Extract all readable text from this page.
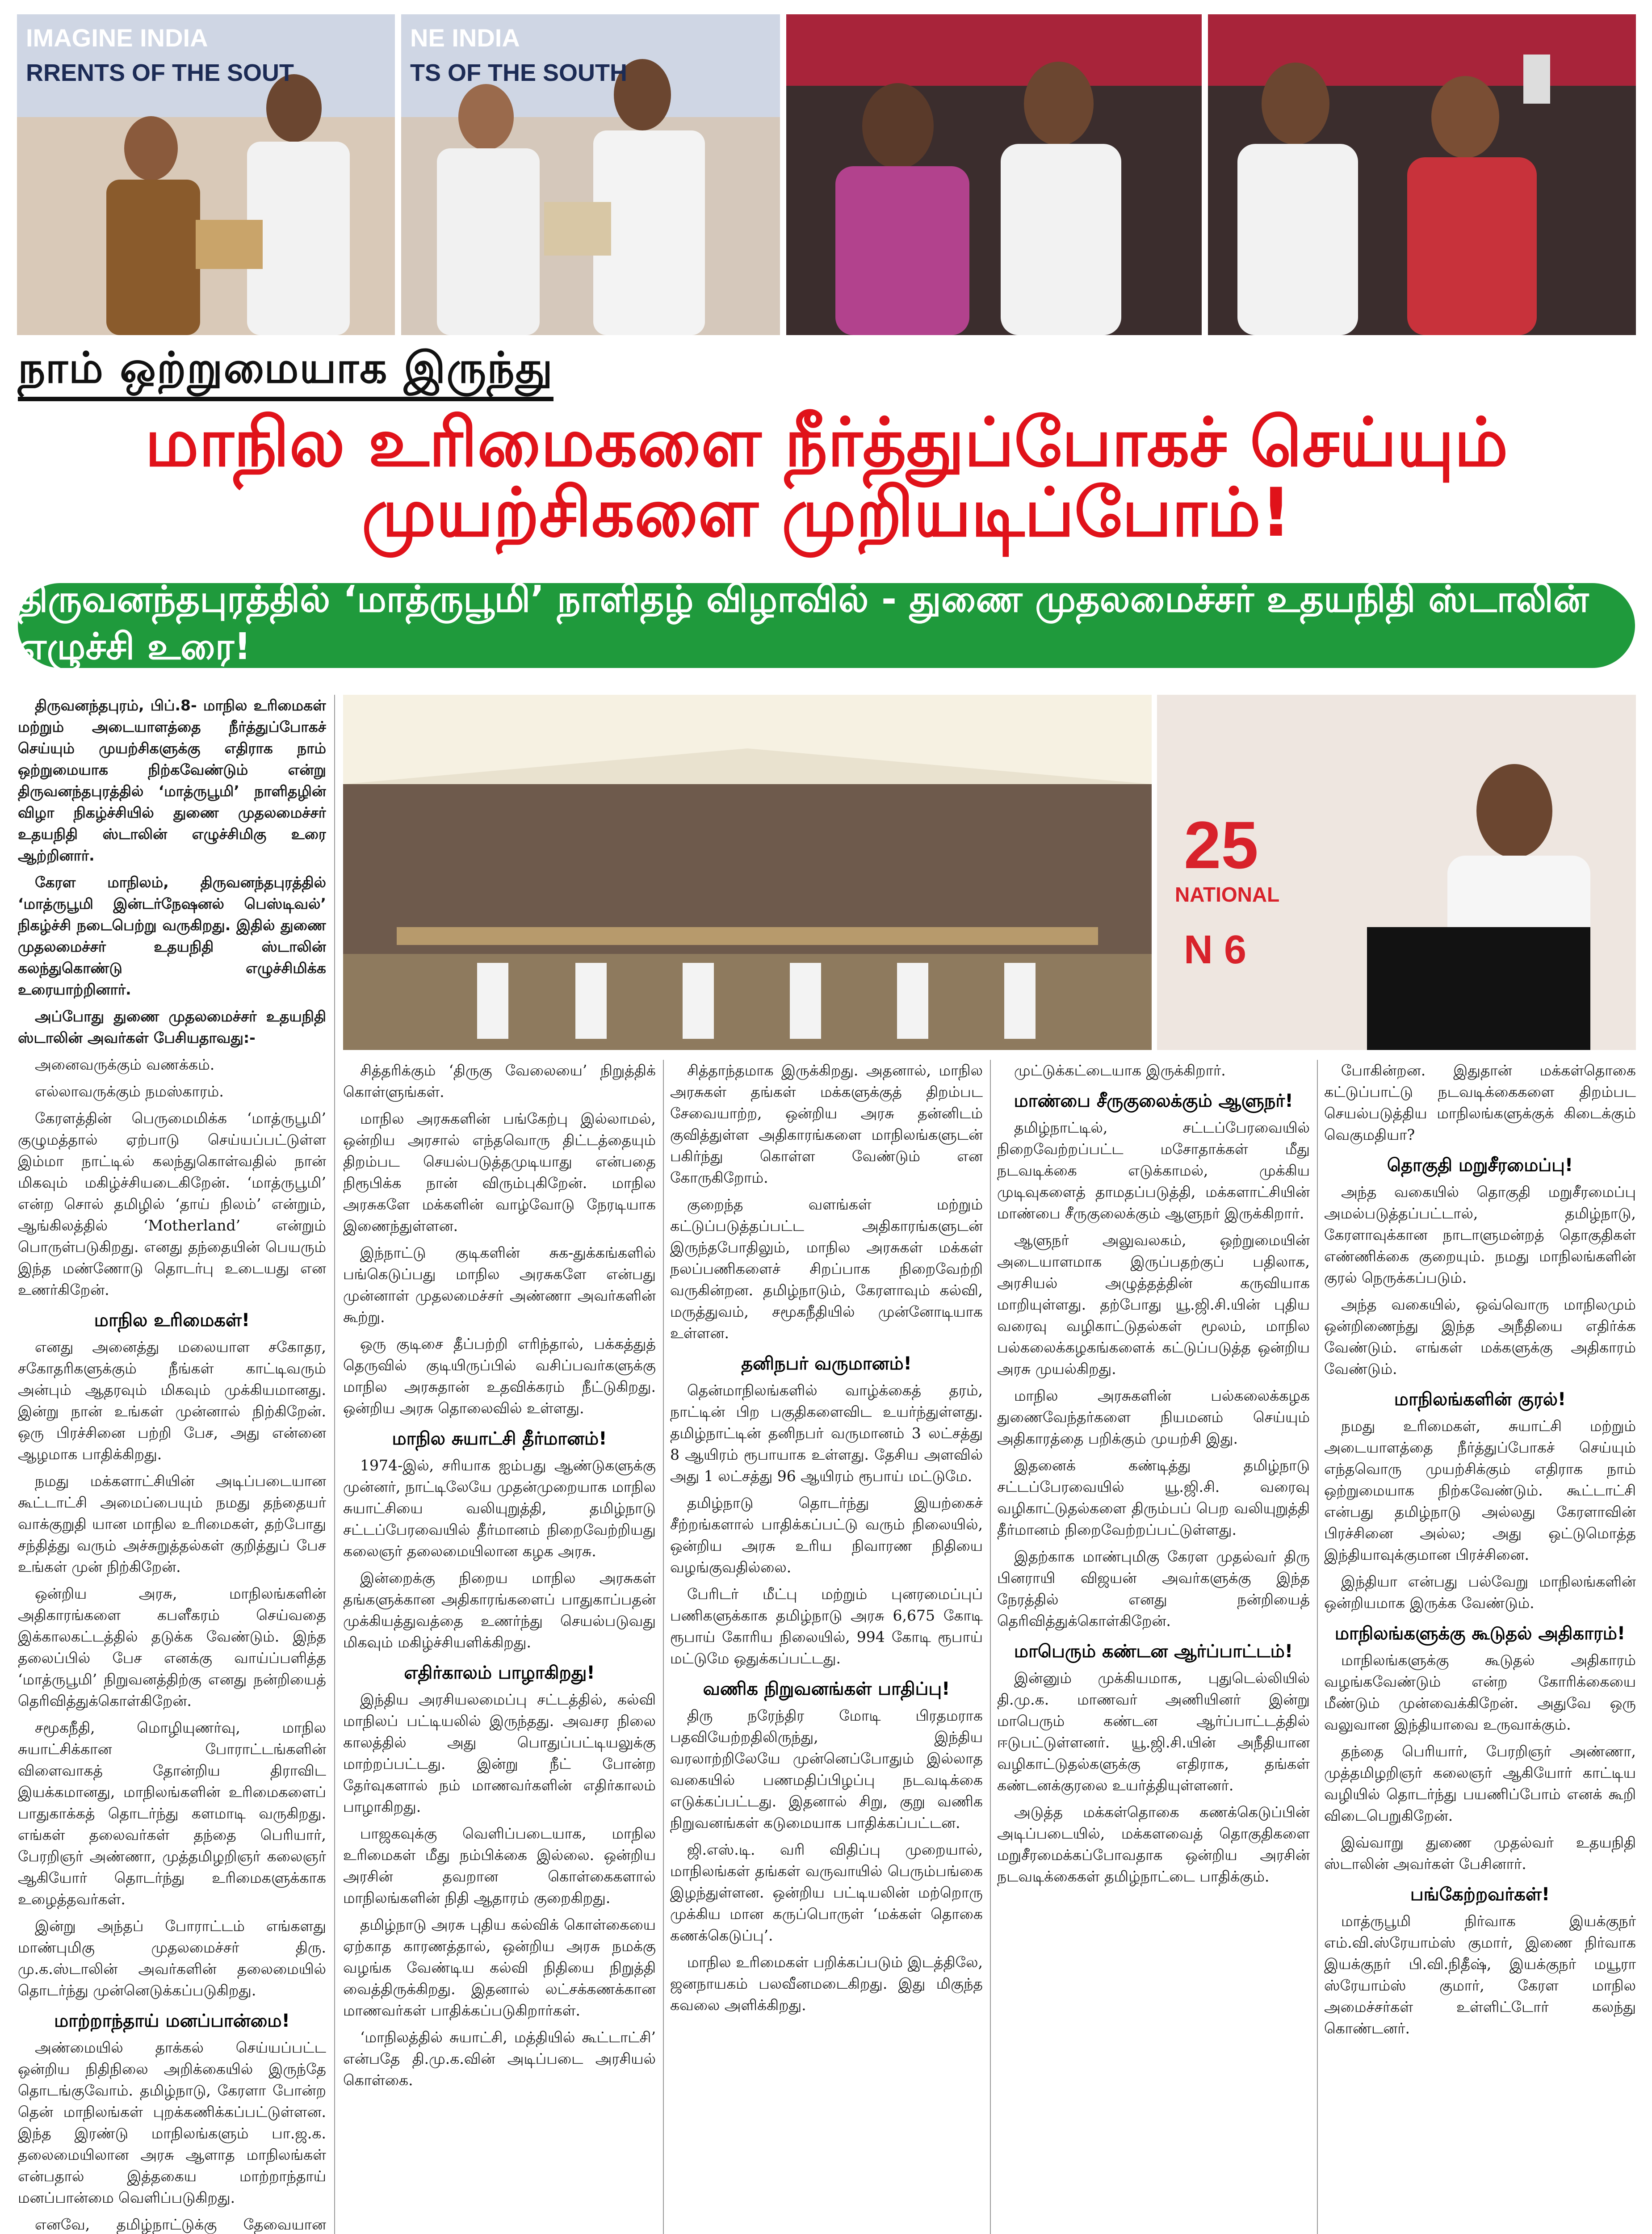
IMAGINE INDIA
RRENTS OF THE SOUT
NE INDIA
TS OF THE SOUTH
நாம் ஒற்றுமையாக இருந்து
மாநில உரிமைகளை நீர்த்துப்போகச் செய்யும் முயற்சிகளை முறியடிப்போம்!
திருவனந்தபுரத்தில் ‘மாத்ருபூமி’ நாளிதழ் விழாவில் - துணை முதலமைச்சர் உதயநிதி ஸ்டாலின் எழுச்சி உரை!

திருவனந்தபுரம், பிப்.8- மாநில உரிமைகள் மற்றும் அடையாளத்தை நீர்த்துப்போகச் செய்யும் முயற்சிகளுக்கு எதிராக நாம் ஒற்றுமையாக நிற்கவேண்டும் என்று திருவனந்தபுரத்தில் ‘மாத்ருபூமி’ நாளிதழின் விழா நிகழ்ச்சியில் துணை முதலமைச்சர் உதயநிதி ஸ்டாலின் எழுச்சிமிகு உரை ஆற்றினார்.

கேரள மாநிலம், திருவனந்தபுரத்தில் ‘மாத்ருபூமி இன்டர்நேஷனல் பெஸ்டிவல்’ நிகழ்ச்சி நடைபெற்று வருகிறது. இதில் துணை முதலமைச்சர் உதயநிதி ஸ்டாலின் கலந்துகொண்டு எழுச்சிமிக்க உரையாற்றினார்.

அப்போது துணை முதலமைச்சர் உதயநிதி ஸ்டாலின் அவர்கள் பேசியதாவது:-

அனைவருக்கும் வணக்கம்.

எல்லாவருக்கும் நமஸ்காரம்.

கேரளத்தின் பெருமைமிக்க ‘மாத்ருபூமி’ குழுமத்தால் ஏற்பாடு செய்யப்பட்டுள்ள இம்மா நாட்டில் கலந்துகொள்வதில் நான் மிகவும் மகிழ்ச்சியடைகிறேன். ‘மாத்ருபூமி’ என்ற சொல் தமிழில் ‘தாய் நிலம்’ என்றும், ஆங்கிலத்தில் ‘Motherland’ என்றும் பொருள்படுகிறது. எனது தந்தையின் பெயரும் இந்த மண்ணோடு தொடர்பு உடையது என உணர்கிறேன்.

மாநில உரிமைகள்!

எனது அனைத்து மலையாள சகோதர, சகோதரிகளுக்கும் நீங்கள் காட்டிவரும் அன்பும் ஆதரவும் மிகவும் முக்கியமானது. இன்று நான் உங்கள் முன்னால் நிற்கிறேன். ஒரு பிரச்சினை பற்றி பேச, அது என்னை ஆழமாக பாதிக்கிறது.

நமது மக்களாட்சியின் அடிப்படையான கூட்டாட்சி அமைப்பையும் நமது தந்தையர் வாக்குறுதி யான மாநில உரிமைகள், தற்போது சந்தித்து வரும் அச்சுறுத்தல்கள் குறித்துப் பேச உங்கள் முன் நிற்கிறேன்.

ஒன்றிய அரசு, மாநிலங்களின் அதிகாரங்களை கபளீகரம் செய்வதை இக்காலகட்டத்தில் தடுக்க வேண்டும். இந்த தலைப்பில் பேச எனக்கு வாய்ப்பளித்த ‘மாத்ருபூமி’ நிறுவனத்திற்கு எனது நன்றியைத் தெரிவித்துக்கொள்கிறேன்.

சமூகநீதி, மொழியுணர்வு, மாநில சுயாட்சிக்கான போராட்டங்களின் விளைவாகத் தோன்றிய திராவிட இயக்கமானது, மாநிலங்களின் உரிமைகளைப் பாதுகாக்கத் தொடர்ந்து களமாடி வருகிறது. எங்கள் தலைவர்கள் தந்தை பெரியார், பேரறிஞர் அண்ணா, முத்தமிழறிஞர் கலைஞர் ஆகியோர் தொடர்ந்து உரிமைகளுக்காக உழைத்தவர்கள்.

இன்று அந்தப் போராட்டம் எங்களது மாண்புமிகு முதலமைச்சர் திரு. மு.க.ஸ்டாலின் அவர்களின் தலைமையில் தொடர்ந்து முன்னெடுக்கப்படுகிறது.

மாற்றாந்தாய் மனப்பான்மை!

அண்மையில் தாக்கல் செய்யப்பட்ட ஒன்றிய நிதிநிலை அறிக்கையில் இருந்தே தொடங்குவோம். தமிழ்நாடு, கேரளா போன்ற தென் மாநிலங்கள் புறக்கணிக்கப்பட்டுள்ளன. இந்த இரண்டு மாநிலங்களும் பா.ஜ.க. தலைமையிலான அரசு ஆளாத மாநிலங்கள் என்பதால் இத்தகைய மாற்றாந்தாய் மனப்பான்மை வெளிப்படுகிறது.

எனவே, தமிழ்நாட்டுக்கு தேவையான

25
NATIONAL
N 6

சித்தரிக்கும் ‘திருகு வேலையை’ நிறுத்திக் கொள்ளுங்கள்.

மாநில அரசுகளின் பங்கேற்பு இல்லாமல், ஒன்றிய அரசால் எந்தவொரு திட்டத்தையும் திறம்பட செயல்படுத்தமுடியாது என்பதை நிரூபிக்க நான் விரும்புகிறேன். மாநில அரசுகளே மக்களின் வாழ்வோடு நேரடியாக இணைந்துள்ளன.

இந்நாட்டு குடிகளின் சுக-துக்கங்களில் பங்கெடுப்பது மாநில அரசுகளே என்பது முன்னாள் முதலமைச்சர் அண்ணா அவர்களின் கூற்று.

ஒரு குடிசை தீப்பற்றி எரிந்தால், பக்கத்துத் தெருவில் குடியிருப்பில் வசிப்பவர்களுக்கு மாநில அரசுதான் உதவிக்கரம் நீட்டுகிறது. ஒன்றிய அரசு தொலைவில் உள்ளது.

மாநில சுயாட்சி தீர்மானம்!

1974-இல், சரியாக ஐம்பது ஆண்டுகளுக்கு முன்னர், நாட்டிலேயே முதன்முறையாக மாநில சுயாட்சியை வலியுறுத்தி, தமிழ்நாடு சட்டப்பேரவையில் தீர்மானம் நிறைவேற்றியது கலைஞர் தலைமையிலான கழக அரசு.

இன்றைக்கு நிறைய மாநில அரசுகள் தங்களுக்கான அதிகாரங்களைப் பாதுகாப்பதன் முக்கியத்துவத்தை உணர்ந்து செயல்படுவது மிகவும் மகிழ்ச்சியளிக்கிறது.

எதிர்காலம் பாழாகிறது!

இந்திய அரசியலமைப்பு சட்டத்தில், கல்வி மாநிலப் பட்டியலில் இருந்தது. அவசர நிலை காலத்தில் அது பொதுப்பட்டியலுக்கு மாற்றப்பட்டது. இன்று நீட் போன்ற தேர்வுகளால் நம் மாணவர்களின் எதிர்காலம் பாழாகிறது.

பாஜகவுக்கு வெளிப்படையாக, மாநில உரிமைகள் மீது நம்பிக்கை இல்லை. ஒன்றிய அரசின் தவறான கொள்கைகளால் மாநிலங்களின் நிதி ஆதாரம் குறைகிறது.

தமிழ்நாடு அரசு புதிய கல்விக் கொள்கையை ஏற்காத காரணத்தால், ஒன்றிய அரசு நமக்கு வழங்க வேண்டிய கல்வி நிதியை நிறுத்தி வைத்திருக்கிறது. இதனால் லட்சக்கணக்கான மாணவர்கள் பாதிக்கப்படுகிறார்கள்.

‘மாநிலத்தில் சுயாட்சி, மத்தியில் கூட்டாட்சி’ என்பதே தி.மு.க.வின் அடிப்படை அரசியல் கொள்கை.

சித்தாந்தமாக இருக்கிறது. அதனால், மாநில அரசுகள் தங்கள் மக்களுக்குத் திறம்பட சேவையாற்ற, ஒன்றிய அரசு தன்னிடம் குவித்துள்ள அதிகாரங்களை மாநிலங்களுடன் பகிர்ந்து கொள்ள வேண்டும் என கோருகிறோம்.

குறைந்த வளங்கள் மற்றும் கட்டுப்படுத்தப்பட்ட அதிகாரங்களுடன் இருந்தபோதிலும், மாநில அரசுகள் மக்கள் நலப்பணிகளைச் சிறப்பாக நிறைவேற்றி வருகின்றன. தமிழ்நாடும், கேரளாவும் கல்வி, மருத்துவம், சமூகநீதியில் முன்னோடியாக உள்ளன.

தனிநபர் வருமானம்!

தென்மாநிலங்களில் வாழ்க்கைத் தரம், நாட்டின் பிற பகுதிகளைவிட உயர்ந்துள்ளது. தமிழ்நாட்டின் தனிநபர் வருமானம் 3 லட்சத்து 8 ஆயிரம் ரூபாயாக உள்ளது. தேசிய அளவில் அது 1 லட்சத்து 96 ஆயிரம் ரூபாய் மட்டுமே.

தமிழ்நாடு தொடர்ந்து இயற்கைச் சீற்றங்களால் பாதிக்கப்பட்டு வரும் நிலையில், ஒன்றிய அரசு உரிய நிவாரண நிதியை வழங்குவதில்லை.

பேரிடர் மீட்பு மற்றும் புனரமைப்புப் பணிகளுக்காக தமிழ்நாடு அரசு 6,675 கோடி ரூபாய் கோரிய நிலையில், 994 கோடி ரூபாய் மட்டுமே ஒதுக்கப்பட்டது.

வணிக நிறுவனங்கள் பாதிப்பு!

திரு நரேந்திர மோடி பிரதமராக பதவியேற்றதிலிருந்து, இந்திய வரலாற்றிலேயே முன்னெப்போதும் இல்லாத வகையில் பணமதிப்பிழப்பு நடவடிக்கை எடுக்கப்பட்டது. இதனால் சிறு, குறு வணிக நிறுவனங்கள் கடுமையாக பாதிக்கப்பட்டன.

ஜி.எஸ்.டி. வரி விதிப்பு முறையால், மாநிலங்கள் தங்கள் வருவாயில் பெரும்பங்கை இழந்துள்ளன. ஒன்றிய பட்டியலின் மற்றொரு முக்கிய மான கருப்பொருள் ‘மக்கள் தொகை கணக்கெடுப்பு’.

மாநில உரிமைகள் பறிக்கப்படும் இடத்திலே, ஜனநாயகம் பலவீனமடைகிறது. இது மிகுந்த கவலை அளிக்கிறது.

முட்டுக்கட்டையாக இருக்கிறார்.

மாண்பை சீருகுலைக்கும் ஆளுநர்!

தமிழ்நாட்டில், சட்டப்பேரவையில் நிறைவேற்றப்பட்ட மசோதாக்கள் மீது நடவடிக்கை எடுக்காமல், முக்கிய முடிவுகளைத் தாமதப்படுத்தி, மக்களாட்சியின் மாண்பை சீருகுலைக்கும் ஆளுநர் இருக்கிறார்.

ஆளுநர் அலுவலகம், ஒற்றுமையின் அடையாளமாக இருப்பதற்குப் பதிலாக, அரசியல் அழுத்தத்தின் கருவியாக மாறியுள்ளது. தற்போது யூ.ஜி.சி.யின் புதிய வரைவு வழிகாட்டுதல்கள் மூலம், மாநில பல்கலைக்கழகங்களைக் கட்டுப்படுத்த ஒன்றிய அரசு முயல்கிறது.

மாநில அரசுகளின் பல்கலைக்கழக துணைவேந்தர்களை நியமனம் செய்யும் அதிகாரத்தை பறிக்கும் முயற்சி இது.

இதனைக் கண்டித்து தமிழ்நாடு சட்டப்பேரவையில் யூ.ஜி.சி. வரைவு வழிகாட்டுதல்களை திரும்பப் பெற வலியுறுத்தி தீர்மானம் நிறைவேற்றப்பட்டுள்ளது.

இதற்காக மாண்புமிகு கேரள முதல்வர் திரு பினராயி விஜயன் அவர்களுக்கு இந்த நேரத்தில் எனது நன்றியைத் தெரிவித்துக்கொள்கிறேன்.

மாபெரும் கண்டன ஆர்ப்பாட்டம்!

இன்னும் முக்கியமாக, புதுடெல்லியில் தி.மு.க. மாணவர் அணியினர் இன்று மாபெரும் கண்டன ஆர்ப்பாட்டத்தில் ஈடுபட்டுள்ளனர். யூ.ஜி.சி.யின் அநீதியான வழிகாட்டுதல்களுக்கு எதிராக, தங்கள் கண்டனக்குரலை உயர்த்தியுள்ளனர்.

அடுத்த மக்கள்தொகை கணக்கெடுப்பின் அடிப்படையில், மக்களவைத் தொகுதிகளை மறுசீரமைக்கப்போவதாக ஒன்றிய அரசின் நடவடிக்கைகள் தமிழ்நாட்டை பாதிக்கும்.

போகின்றன. இதுதான் மக்கள்தொகை கட்டுப்பாட்டு நடவடிக்கைகளை திறம்பட செயல்படுத்திய மாநிலங்களுக்குக் கிடைக்கும் வெகுமதியா?

தொகுதி மறுசீரமைப்பு!

அந்த வகையில் தொகுதி மறுசீரமைப்பு அமல்படுத்தப்பட்டால், தமிழ்நாடு, கேரளாவுக்கான நாடாளுமன்றத் தொகுதிகள் எண்ணிக்கை குறையும். நமது மாநிலங்களின் குரல் நெருக்கப்படும்.

அந்த வகையில், ஒவ்வொரு மாநிலமும் ஒன்றிணைந்து இந்த அநீதியை எதிர்க்க வேண்டும். எங்கள் மக்களுக்கு அதிகாரம் வேண்டும்.

மாநிலங்களின் குரல்!

நமது உரிமைகள், சுயாட்சி மற்றும் அடையாளத்தை நீர்த்துப்போகச் செய்யும் எந்தவொரு முயற்சிக்கும் எதிராக நாம் ஒற்றுமையாக நிற்கவேண்டும். கூட்டாட்சி என்பது தமிழ்நாடு அல்லது கேரளாவின் பிரச்சினை அல்ல; அது ஒட்டுமொத்த இந்தியாவுக்குமான பிரச்சினை.

இந்தியா என்பது பல்வேறு மாநிலங்களின் ஒன்றியமாக இருக்க வேண்டும்.

மாநிலங்களுக்கு கூடுதல் அதிகாரம்!

மாநிலங்களுக்கு கூடுதல் அதிகாரம் வழங்கவேண்டும் என்ற கோரிக்கையை மீண்டும் முன்வைக்கிறேன். அதுவே ஒரு வலுவான இந்தியாவை உருவாக்கும்.

தந்தை பெரியார், பேரறிஞர் அண்ணா, முத்தமிழறிஞர் கலைஞர் ஆகியோர் காட்டிய வழியில் தொடர்ந்து பயணிப்போம் எனக் கூறி விடைபெறுகிறேன்.

இவ்வாறு துணை முதல்வர் உதயநிதி ஸ்டாலின் அவர்கள் பேசினார்.

பங்கேற்றவர்கள்!

மாத்ருபூமி நிர்வாக இயக்குநர் எம்.வி.ஸ்ரேயாம்ஸ் குமார், இணை நிர்வாக இயக்குநர் பி.வி.நிதீஷ், இயக்குநர் மயூரா ஸ்ரேயாம்ஸ் குமார், கேரள மாநில அமைச்சர்கள் உள்ளிட்டோர் கலந்து கொண்டனர்.
